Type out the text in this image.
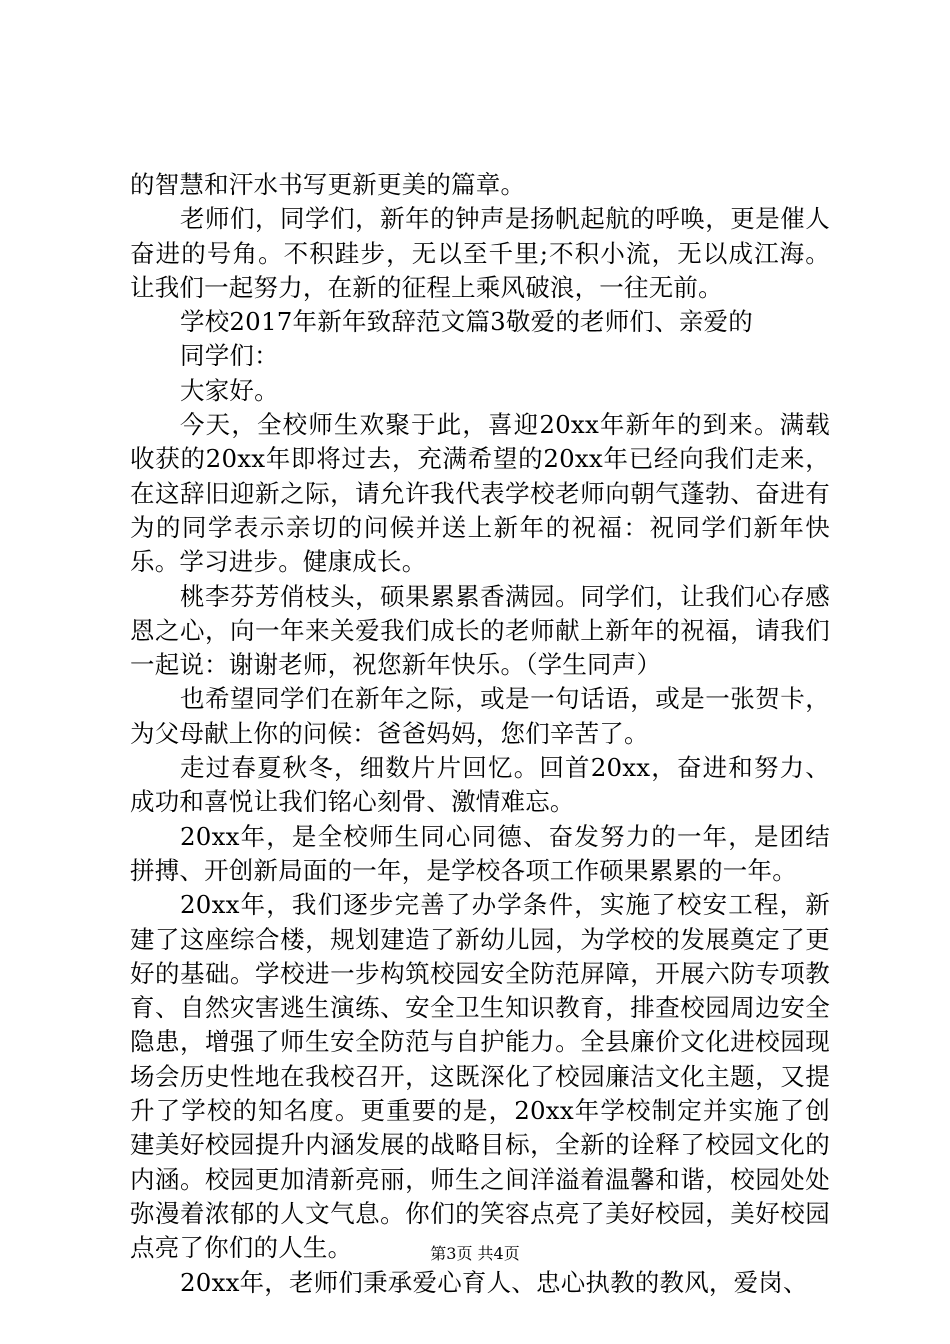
的智慧和汗水书写更新更美的篇章。

老师们，同学们，新年的钟声是扬帆起航的呼唤，更是催人奋进的号角。不积跬步，无以至千里;不积小流，无以成江海。让我们一起努力，在新的征程上乘风破浪，一往无前。

学校2017年新年致辞范文篇3敬爱的老师们、亲爱的

同学们：

大家好。

今天，全校师生欢聚于此，喜迎20xx年新年的到来。满载收获的20xx年即将过去，充满希望的20xx年已经向我们走来，在这辞旧迎新之际，请允许我代表学校老师向朝气蓬勃、奋进有为的同学表示亲切的问候并送上新年的祝福：祝同学们新年快乐。学习进步。健康成长。

桃李芬芳俏枝头，硕果累累香满园。同学们，让我们心存感恩之心，向一年来关爱我们成长的老师献上新年的祝福，请我们一起说：谢谢老师，祝您新年快乐。（学生同声）

也希望同学们在新年之际，或是一句话语，或是一张贺卡，为父母献上你的问候：爸爸妈妈，您们辛苦了。

走过春夏秋冬，细数片片回忆。回首20xx，奋进和努力、成功和喜悦让我们铭心刻骨、激情难忘。

20xx年，是全校师生同心同德、奋发努力的一年，是团结拼搏、开创新局面的一年，是学校各项工作硕果累累的一年。

20xx年，我们逐步完善了办学条件，实施了校安工程，新建了这座综合楼，规划建造了新幼儿园，为学校的发展奠定了更好的基础。学校进一步构筑校园安全防范屏障，开展六防专项教育、自然灾害逃生演练、安全卫生知识教育，排查校园周边安全隐患，增强了师生安全防范与自护能力。全县廉价文化进校园现场会历史性地在我校召开，这既深化了校园廉洁文化主题，又提升了学校的知名度。更重要的是，20xx年学校制定并实施了创建美好校园提升内涵发展的战略目标，全新的诠释了校园文化的内涵。校园更加清新亮丽，师生之间洋溢着温馨和谐，校园处处弥漫着浓郁的人文气息。你们的笑容点亮了美好校园，美好校园点亮了你们的人生。

20xx年，老师们秉承爱心育人、忠心执教的教风，爱岗、

第3页 共4页
